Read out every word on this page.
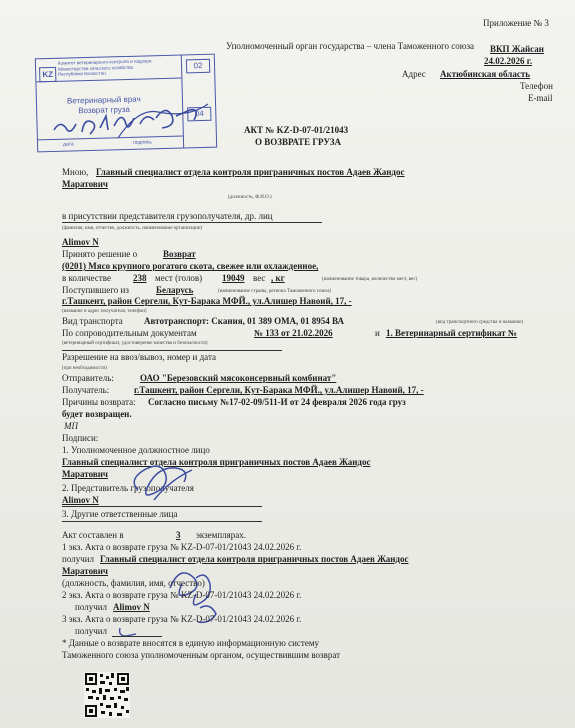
Приложение № 3
Уполномоченный орган государства – члена Таможенного союза ВКП Жайсан
24.02.2026 г.
Адрес Актюбинская область
Телефон
E-mail
KZ
Комитет ветеринарного контроля и надзора
Министерства сельского хозяйства
Республики Казахстан
Ветеринарный врач
Возврат груза
02
04
дата	подпись
АКТ № KZ-D-07-01/21043
О ВОЗВРАТЕ ГРУЗА
Мною, Главный специалист отдела контроля приграничных постов Адаев Жандос
Маратович
(должность, Ф.И.О.)
в присутствии представителя грузополучателя, др. лиц
(фамилия, имя, отчество, должность, наименование организации)
Alimov N
Принято решение о	Возврат
(0201) Мясо крупного рогатого скота, свежее или охлажденное,
в количестве 238 мест (голов) 19049 вес , кг	(наименование товара, количество мест, вес)
Поступившего из	Беларусь	(наименование страны, региона Таможенного союза)
г.Ташкент, район Сергели, Кут-Барака МФЙ., ул.Алишер Навоий, 17, -
(название и адрес получателя, телефон)
Вид транспорта Автотранспорт: Скания, 01 389 ОМА, 01 8954 ВА	(вид транспортного средства и название)
По сопроводительным документам	№ 133 от 21.02.2026	и 1. Ветеринарный сертификат №
(ветеринарный сертификат, удостоверение качества и безопасности)
Разрешение на ввоз/вывоз, номер и дата
(при необходимости)
Отправитель:	ОАО "Березовский мясоконсервный комбинат"
Получатель:	г.Ташкент, район Сергели, Кут-Барака МФЙ., ул.Алишер Навоий, 17, -
Причины возврата: Согласно письму №17-02-09/511-И от 24 февраля 2026 года груз
будет возвращен.
МП
Подписи:
1. Уполномоченное должностное лицо
Главный специалист отдела контроля приграничных постов Адаев Жандос
Маратович
2. Представитель грузополучателя
Alimov N
3. Другие ответственные лица
Акт составлен в	3 экземплярах.
1 экз. Акта о возврате груза № KZ-D-07-01/21043 24.02.2026 г.
получил Главный специалист отдела контроля приграничных постов Адаев Жандос
Маратович
(должность, фамилия, имя, отчество)
2 экз. Акта о возврате груза № KZ-D-07-01/21043 24.02.2026 г.
получил Alimov N
3 экз. Акта о возврате груза № KZ-D-07-01/21043 24.02.2026 г.
получил
* Данные о возврате вносятся в единую информационную систему
Таможенного союза уполномоченным органом, осуществившим возврат
